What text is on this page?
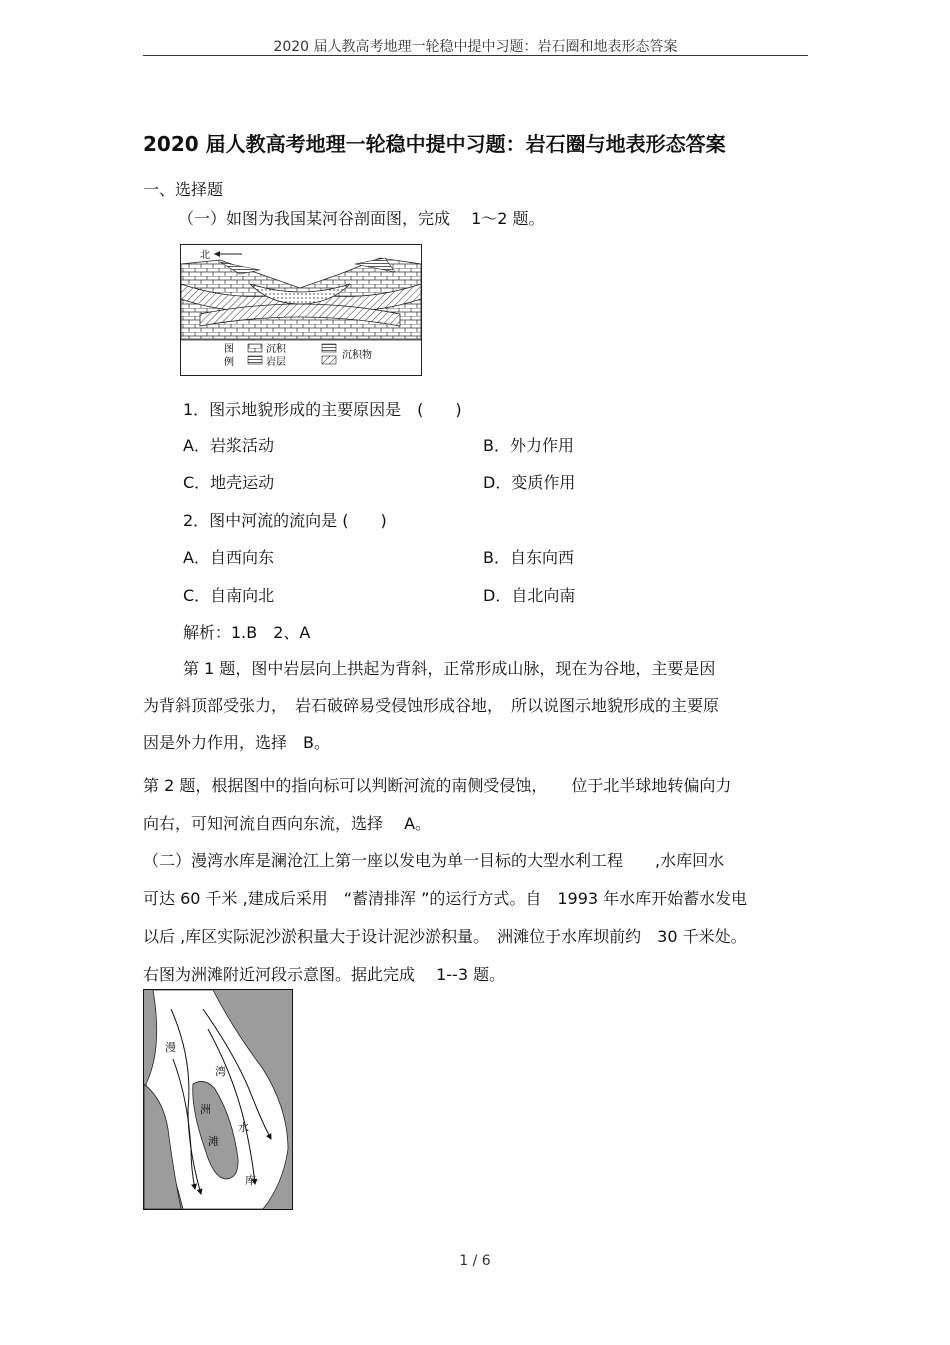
2020 届人教高考地理一轮稳中提中习题：岩石圈和地表形态答案
2020 届人教高考地理一轮稳中提中习题：岩石圈与地表形态答案
一、选择题
（一）如图为我国某河谷剖面图，完成　 1～2 题。
北
图
例
沉积
岩层
沉积物
1．图示地貌形成的主要原因是　(　　)
A．岩浆活动	B．外力作用
C．地壳运动	D．变质作用
2．图中河流的流向是 (　　)
A．自西向东	B．自东向西
C．自南向北	D．自北向南
解析：1.B　2、A
第 1 题，图中岩层向上拱起为背斜，正常形成山脉，现在为谷地，主要是因
为背斜顶部受张力，　岩石破碎易受侵蚀形成谷地，　所以说图示地貌形成的主要原
因是外力作用，选择　B。
第 2 题，根据图中的指向标可以判断河流的南侧受侵蚀，　　位于北半球地转偏向力
向右，可知河流自西向东流，选择　 A。
（二）漫湾水库是澜沧江上第一座以发电为单一目标的大型水利工程　　,水库回水
可达 60 千米 ,建成后采用　“蓄清排浑 ”的运行方式。自　1993 年水库开始蓄水发电
以后 ,库区实际泥沙淤积量大于设计泥沙淤积量。　洲滩位于水库坝前约　30 千米处。
右图为洲滩附近河段示意图。据此完成　 1--3 题。
漫
湾
水
库
洲
滩
1 / 6
